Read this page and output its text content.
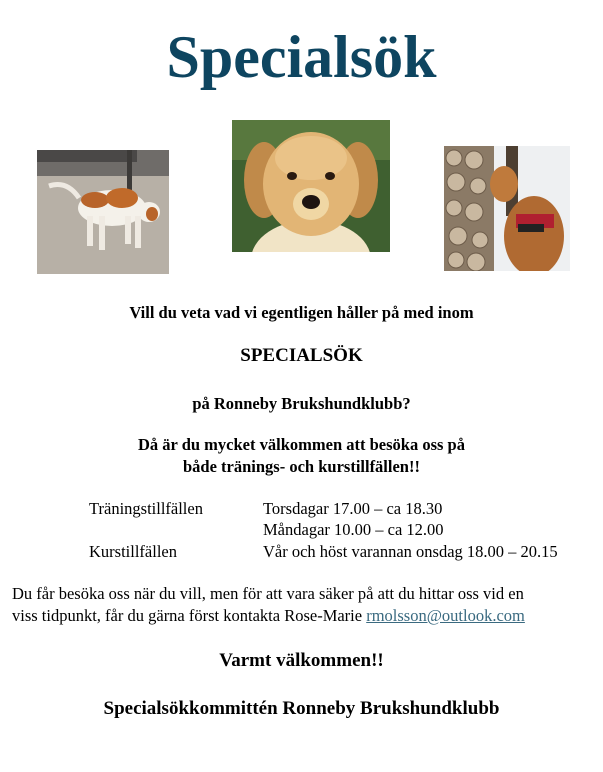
Specialsök

Vill du veta vad vi egentligen håller på med inom

SPECIALSÖK

på Ronneby Brukshundklubb?

Då är du mycket välkommen att besöka oss på
både tränings- och kurstillfällen!!

Träningstillfällen	Torsdagar 17.00 – ca 18.30

Måndagar 10.00 – ca 12.00

Kurstillfällen	Vår och höst varannan onsdag 18.00 – 20.15

Du får besöka oss när du vill, men för att vara säker på att du hittar oss vid en
viss tidpunkt, får du gärna först kontakta Rose-Marie rmolsson@outlook.com

Varmt välkommen!!

Specialsökkommittén Ronneby Brukshundklubb
